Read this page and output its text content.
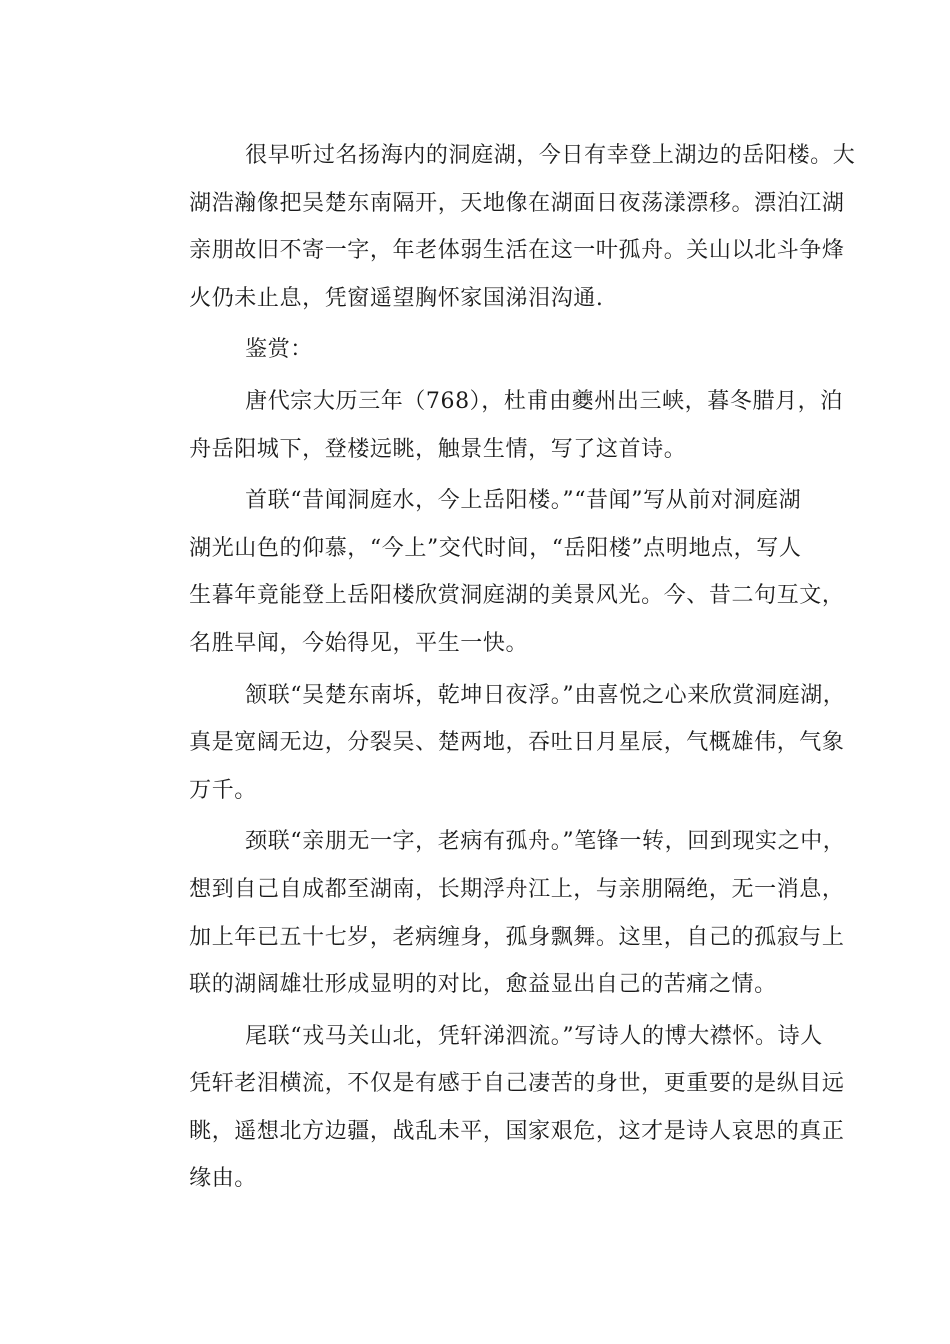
很早听过名扬海内的洞庭湖，今日有幸登上湖边的岳阳楼。大
湖浩瀚像把吴楚东南隔开，天地像在湖面日夜荡漾漂移。漂泊江湖
亲朋故旧不寄一字，年老体弱生活在这一叶孤舟。关山以北斗争烽
火仍未止息，凭窗遥望胸怀家国涕泪沟通.
鉴赏：
唐代宗大历三年（768），杜甫由夔州出三峡，暮冬腊月，泊
舟岳阳城下，登楼远眺，触景生情，写了这首诗。
首联“昔闻洞庭水，今上岳阳楼。”“昔闻”写从前对洞庭湖
湖光山色的仰慕，“今上”交代时间，“岳阳楼”点明地点，写人
生暮年竟能登上岳阳楼欣赏洞庭湖的美景风光。今、昔二句互文，
名胜早闻，今始得见，平生一快。
颔联“吴楚东南坼，乾坤日夜浮。”由喜悦之心来欣赏洞庭湖，
真是宽阔无边，分裂吴、楚两地，吞吐日月星辰，气概雄伟，气象
万千。
颈联“亲朋无一字，老病有孤舟。”笔锋一转，回到现实之中，
想到自己自成都至湖南，长期浮舟江上，与亲朋隔绝，无一消息，
加上年已五十七岁，老病缠身，孤身飘舞。这里，自己的孤寂与上
联的湖阔雄壮形成显明的对比，愈益显出自己的苦痛之情。
尾联“戎马关山北，凭轩涕泗流。”写诗人的博大襟怀。诗人
凭轩老泪横流，不仅是有感于自己凄苦的身世，更重要的是纵目远
眺，遥想北方边疆，战乱未平，国家艰危，这才是诗人哀思的真正
缘由。
